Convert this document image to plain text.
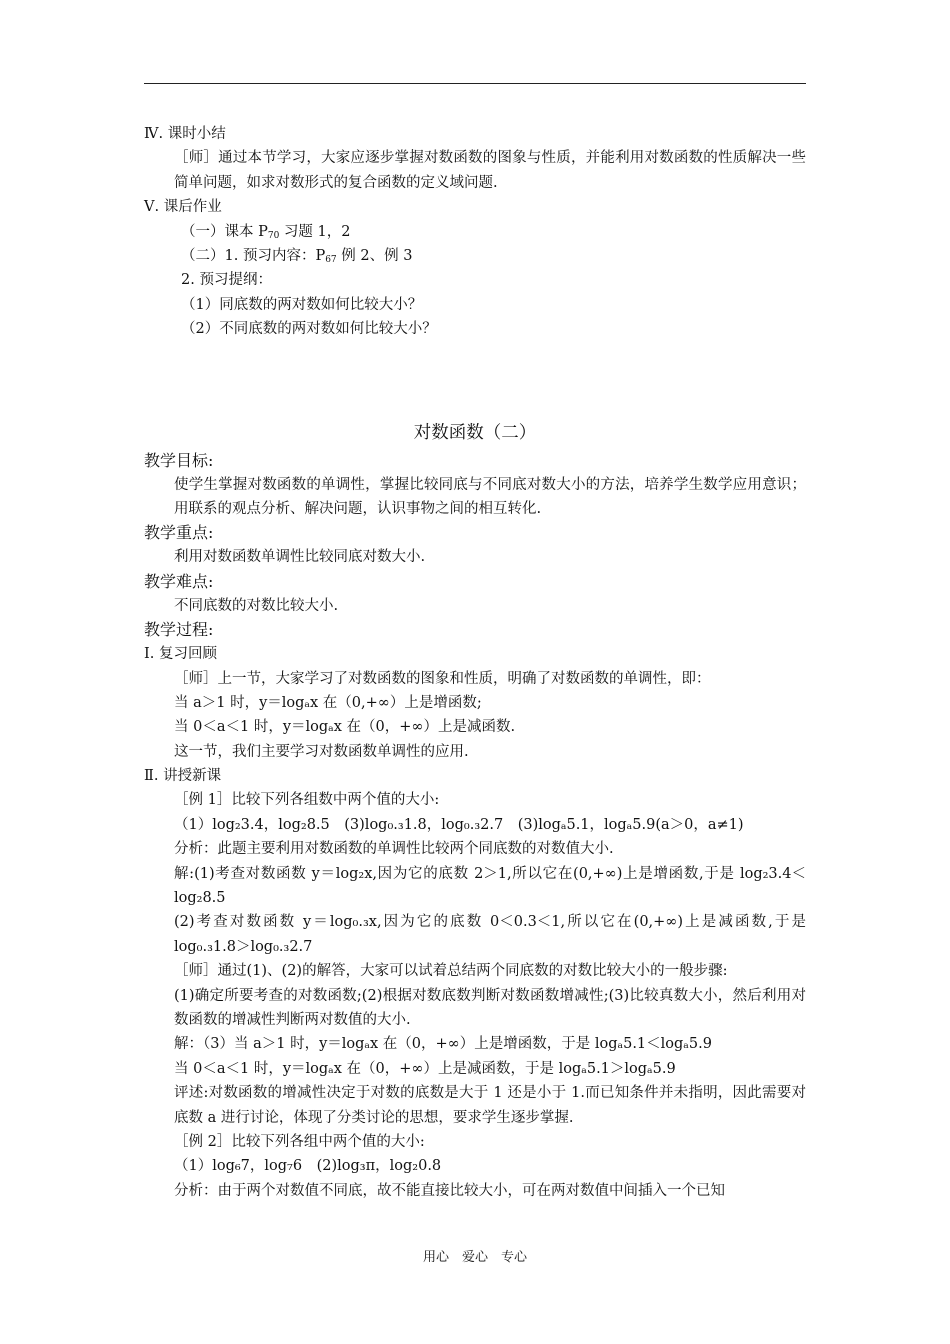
Ⅳ. 课时小结
［师］通过本节学习，大家应逐步掌握对数函数的图象与性质，并能利用对数函数的性质解决一些简单问题，如求对数形式的复合函数的定义域问题.
Ⅴ. 课后作业
（一）课本 $P_{70}$ 习题 1，2
（二）1. 预习内容：$P_{67}$ 例 2、例 3
2. 预习提纲：
（1）同底数的两对数如何比较大小？
（2）不同底数的两对数如何比较大小？
对数函数（二）
教学目标:
使学生掌握对数函数的单调性，掌握比较同底与不同底对数大小的方法，培养学生数学应用意识；用联系的观点分析、解决问题，认识事物之间的相互转化.
教学重点:
利用对数函数单调性比较同底对数大小.
教学难点:
不同底数的对数比较大小.
教学过程:
Ⅰ. 复习回顾
［师］上一节，大家学习了对数函数的图象和性质，明确了对数函数的单调性，即：
当 a＞1 时，y＝logₐx 在（0,+∞）上是增函数;
当 0＜a＜1 时，y＝logₐx 在（0，+∞）上是减函数.
这一节，我们主要学习对数函数单调性的应用.
Ⅱ. 讲授新课
［例 1］比较下列各组数中两个值的大小:
（1）log₂3.4，log₂8.5　(3)log₀.₃1.8，log₀.₃2.7　(3)logₐ5.1，logₐ5.9(a＞0，a≠1)
分析：此题主要利用对数函数的单调性比较两个同底数的对数值大小.
解:(1)考查对数函数 y＝log₂x,因为它的底数 2＞1,所以它在(0,+∞)上是增函数,于是 log₂3.4＜log₂8.5
(2)考查对数函数 y＝log₀.₃x,因为它的底数 0＜0.3＜1,所以它在(0,+∞)上是减函数,于是 log₀.₃1.8＞log₀.₃2.7
［师］通过(1)、(2)的解答，大家可以试着总结两个同底数的对数比较大小的一般步骤:
(1)确定所要考查的对数函数;(2)根据对数底数判断对数函数增减性;(3)比较真数大小，然后利用对数函数的增减性判断两对数值的大小.
解：（3）当 a＞1 时，y＝logₐx 在（0，+∞）上是增函数，于是 logₐ5.1＜logₐ5.9
当 0＜a＜1 时，y＝logₐx 在（0，+∞）上是减函数，于是 logₐ5.1＞logₐ5.9
评述:对数函数的增减性决定于对数的底数是大于 1 还是小于 1.而已知条件并未指明，因此需要对底数 a 进行讨论，体现了分类讨论的思想，要求学生逐步掌握.
［例 2］比较下列各组中两个值的大小:
（1）log₆7，log₇6　(2)log₃π，log₂0.8
分析：由于两个对数值不同底，故不能直接比较大小，可在两对数值中间插入一个已知
用心　爱心　专心
